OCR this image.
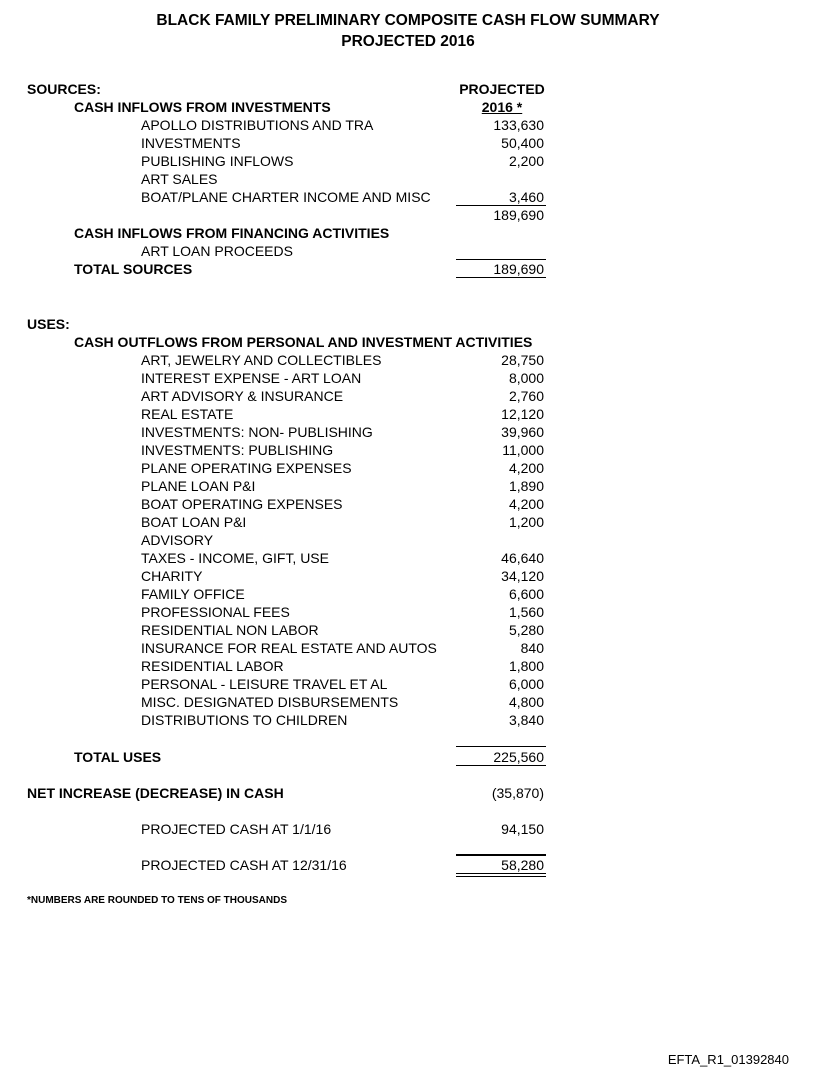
BLACK FAMILY PRELIMINARY COMPOSITE CASH FLOW SUMMARY
PROJECTED 2016
PROJECTED
2016 *
SOURCES:
CASH INFLOWS FROM INVESTMENTS
APOLLO DISTRIBUTIONS AND TRA	133,630
INVESTMENTS	50,400
PUBLISHING INFLOWS	2,200
ART SALES
BOAT/PLANE CHARTER INCOME AND MISC	3,460
189,690
CASH INFLOWS FROM FINANCING ACTIVITIES
ART LOAN PROCEEDS
TOTAL SOURCES	189,690
USES:
CASH OUTFLOWS FROM PERSONAL AND INVESTMENT ACTIVITIES
ART, JEWELRY AND COLLECTIBLES	28,750
INTEREST EXPENSE - ART LOAN	8,000
ART ADVISORY & INSURANCE	2,760
REAL ESTATE	12,120
INVESTMENTS: NON- PUBLISHING	39,960
INVESTMENTS: PUBLISHING	11,000
PLANE OPERATING EXPENSES	4,200
PLANE LOAN P&I	1,890
BOAT OPERATING EXPENSES	4,200
BOAT LOAN P&I	1,200
ADVISORY
TAXES - INCOME, GIFT, USE	46,640
CHARITY	34,120
FAMILY OFFICE	6,600
PROFESSIONAL FEES	1,560
RESIDENTIAL NON LABOR	5,280
INSURANCE FOR REAL ESTATE AND AUTOS	840
RESIDENTIAL LABOR	1,800
PERSONAL - LEISURE TRAVEL ET AL	6,000
MISC. DESIGNATED DISBURSEMENTS	4,800
DISTRIBUTIONS TO CHILDREN	3,840
TOTAL USES	225,560
NET INCREASE (DECREASE) IN CASH	(35,870)
PROJECTED CASH AT 1/1/16	94,150
PROJECTED CASH AT 12/31/16	58,280
*NUMBERS ARE ROUNDED TO TENS OF THOUSANDS
EFTA_R1_01392840
